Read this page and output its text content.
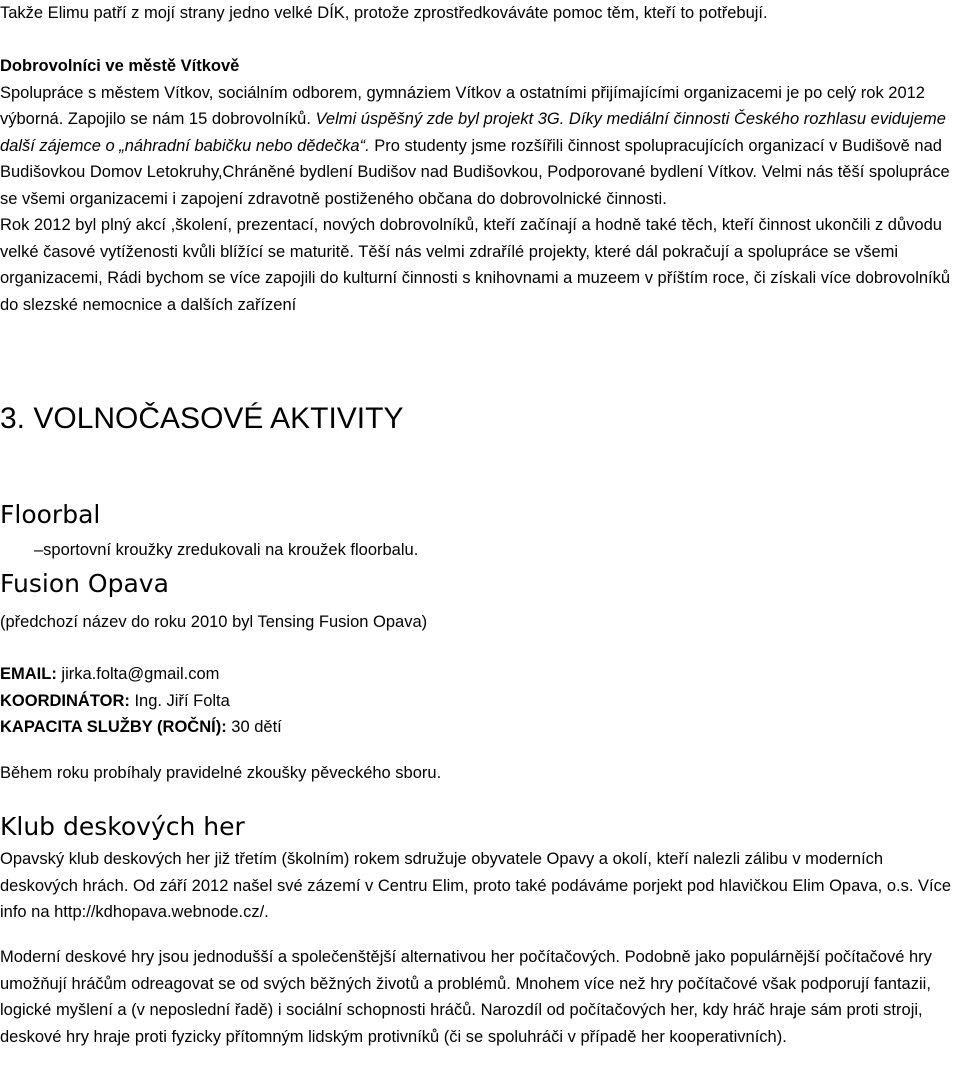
Takže Elimu patří z mojí strany jedno velké DÍK, protože zprostředkováváte pomoc těm, kteří to potřebují.

Dobrovolníci ve městě Vítkově

Spolupráce s městem Vítkov, sociálním odborem, gymnáziem Vítkov a ostatními přijímajícími organizacemi je po celý rok 2012 výborná. Zapojilo se nám 15 dobrovolníků. Velmi úspěšný zde byl projekt 3G. Díky mediální činnosti Českého rozhlasu evidujeme další zájemce o „náhradní babičku nebo dědečka“. Pro studenty jsme rozšířili činnost spolupracujících organizací v Budišově nad Budišovkou Domov Letokruhy,Chráněné bydlení Budišov nad Budišovkou, Podporované bydlení Vítkov. Velmi nás těší spolupráce se všemi organizacemi i zapojení zdravotně postiženého občana do dobrovolnické činnosti.

Rok 2012 byl plný akcí ,školení, prezentací, nových dobrovolníků, kteří začínají a hodně také těch, kteří činnost ukončili z důvodu velké časové vytíženosti kvůli blížící se maturitě. Těší nás velmi zdrařílé projekty, které dál pokračují a spolupráce se všemi organizacemi, Rádi bychom se více zapojili do kulturní činnosti s knihovnami a muzeem v příštím roce, či získali více dobrovolníků do slezské nemocnice a dalších zařízení

3. VOLNOČASOVÉ AKTIVITY

Floorbal

–sportovní kroužky zredukovali na kroužek floorbalu.

Fusion Opava

(předchozí název do roku 2010 byl Tensing Fusion Opava)

EMAIL: jirka.folta@gmail.com

KOORDINÁTOR: Ing. Jiří Folta

KAPACITA SLUŽBY (ROČNÍ): 30 dětí

Během roku probíhaly pravidelné zkoušky pěveckého sboru.

Klub deskových her

Opavský klub deskových her již třetím (školním) rokem sdružuje obyvatele Opavy a okolí, kteří nalezli zálibu v moderních deskových hrách. Od září 2012 našel své zázemí v Centru Elim, proto také podáváme porjekt pod hlavičkou Elim Opava, o.s. Více info na http://kdhopava.webnode.cz/.

Moderní deskové hry jsou jednodušší a společenštější alternativou her počítačových. Podobně jako populárnější počítačové hry umožňují hráčům odreagovat se od svých běžných životů a problémů. Mnohem více než hry počítačové však podporují fantazii, logické myšlení a (v neposlední řadě) i sociální schopnosti hráčů. Narozdíl od počítačových her, kdy hráč hraje sám proti stroji, deskové hry hraje proti fyzicky přítomným lidským protivníků (či se spoluhráči v případě her kooperativních).
